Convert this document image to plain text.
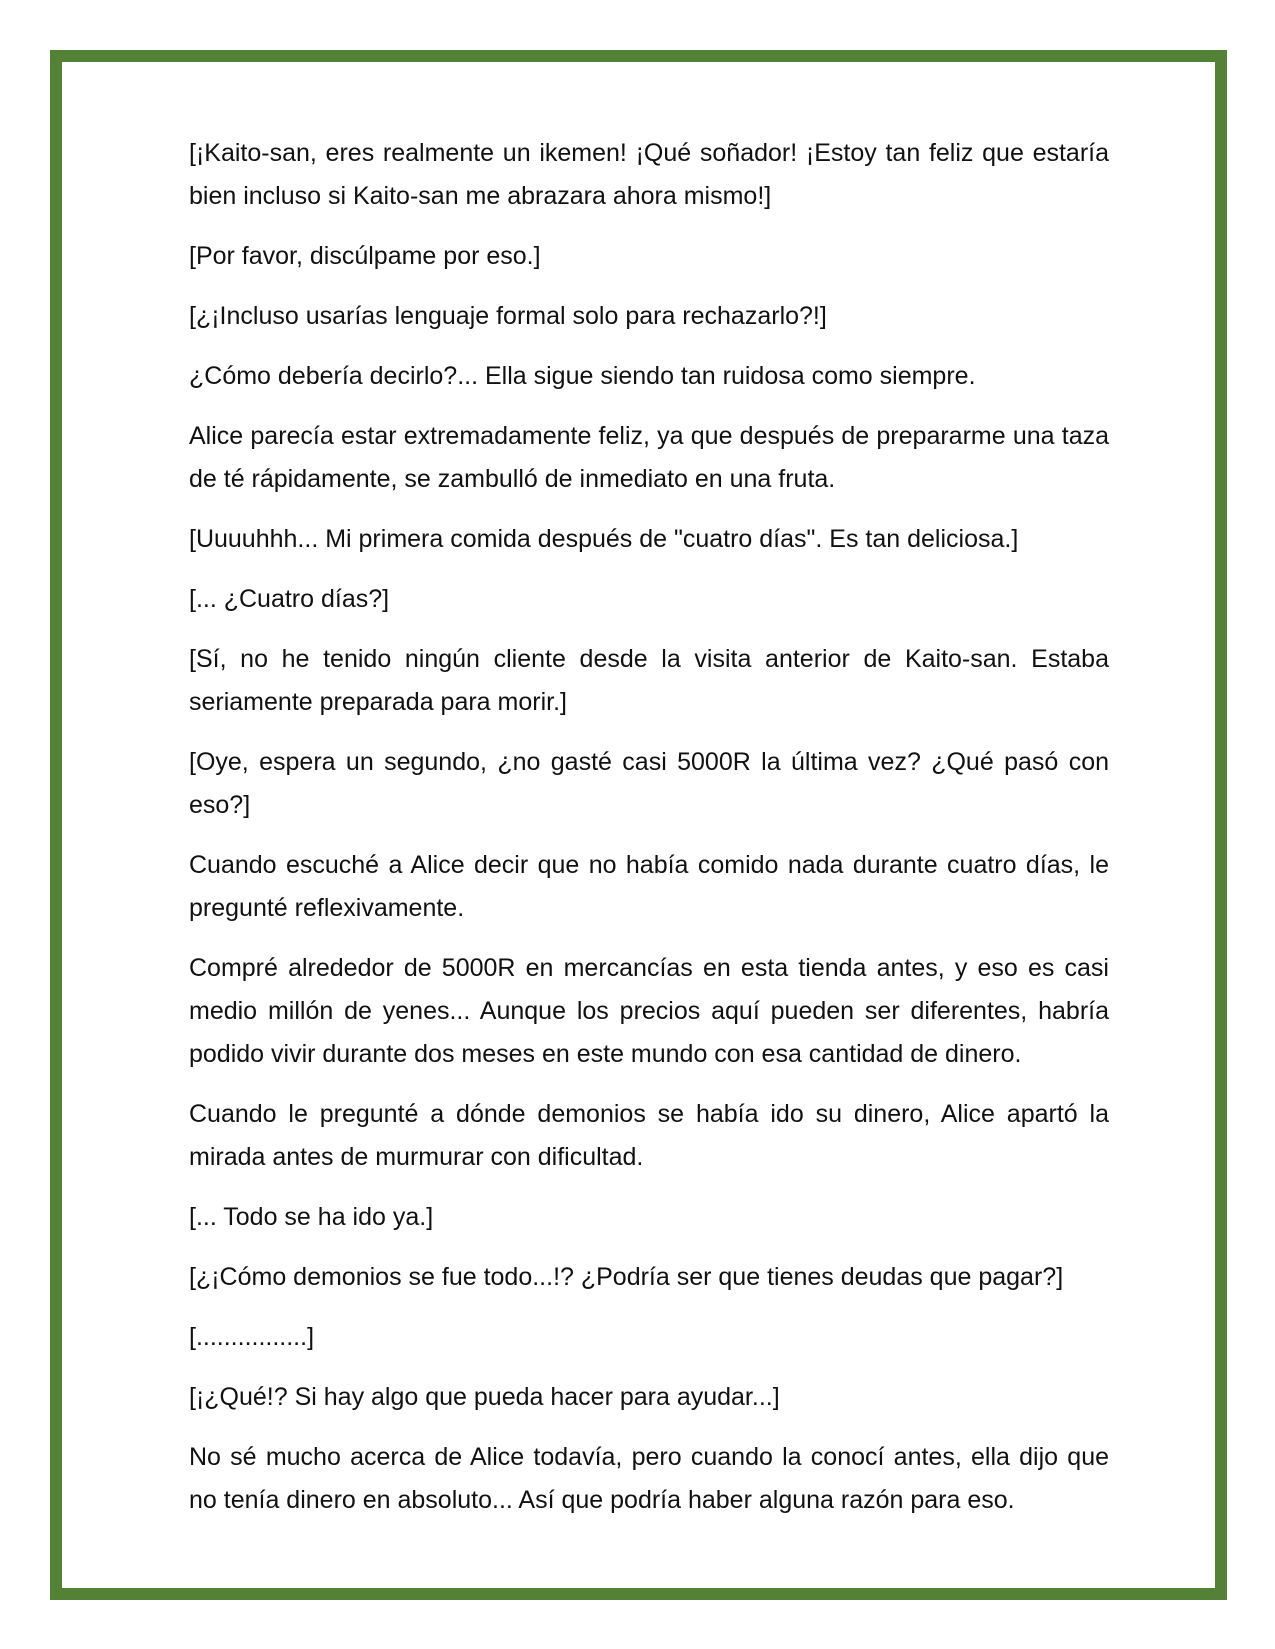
[¡Kaito-san, eres realmente un ikemen! ¡Qué soñador! ¡Estoy tan feliz que estaría bien incluso si Kaito-san me abrazara ahora mismo!]

[Por favor, discúlpame por eso.]

[¿¡Incluso usarías lenguaje formal solo para rechazarlo?!]

¿Cómo debería decirlo?... Ella sigue siendo tan ruidosa como siempre.

Alice parecía estar extremadamente feliz, ya que después de prepararme una taza de té rápidamente, se zambulló de inmediato en una fruta.

[Uuuuhhh... Mi primera comida después de "cuatro días". Es tan deliciosa.]

[... ¿Cuatro días?]

[Sí, no he tenido ningún cliente desde la visita anterior de Kaito-san. Estaba seriamente preparada para morir.]

[Oye, espera un segundo, ¿no gasté casi 5000R la última vez? ¿Qué pasó con eso?]

Cuando escuché a Alice decir que no había comido nada durante cuatro días, le pregunté reflexivamente.

Compré alrededor de 5000R en mercancías en esta tienda antes, y eso es casi medio millón de yenes... Aunque los precios aquí pueden ser diferentes, habría podido vivir durante dos meses en este mundo con esa cantidad de dinero.

Cuando le pregunté a dónde demonios se había ido su dinero, Alice apartó la mirada antes de murmurar con dificultad.

[... Todo se ha ido ya.]

[¿¡Cómo demonios se fue todo...!? ¿Podría ser que tienes deudas que pagar?]

[................]

[¡¿Qué!? Si hay algo que pueda hacer para ayudar...]

No sé mucho acerca de Alice todavía, pero cuando la conocí antes, ella dijo que no tenía dinero en absoluto... Así que podría haber alguna razón para eso.
